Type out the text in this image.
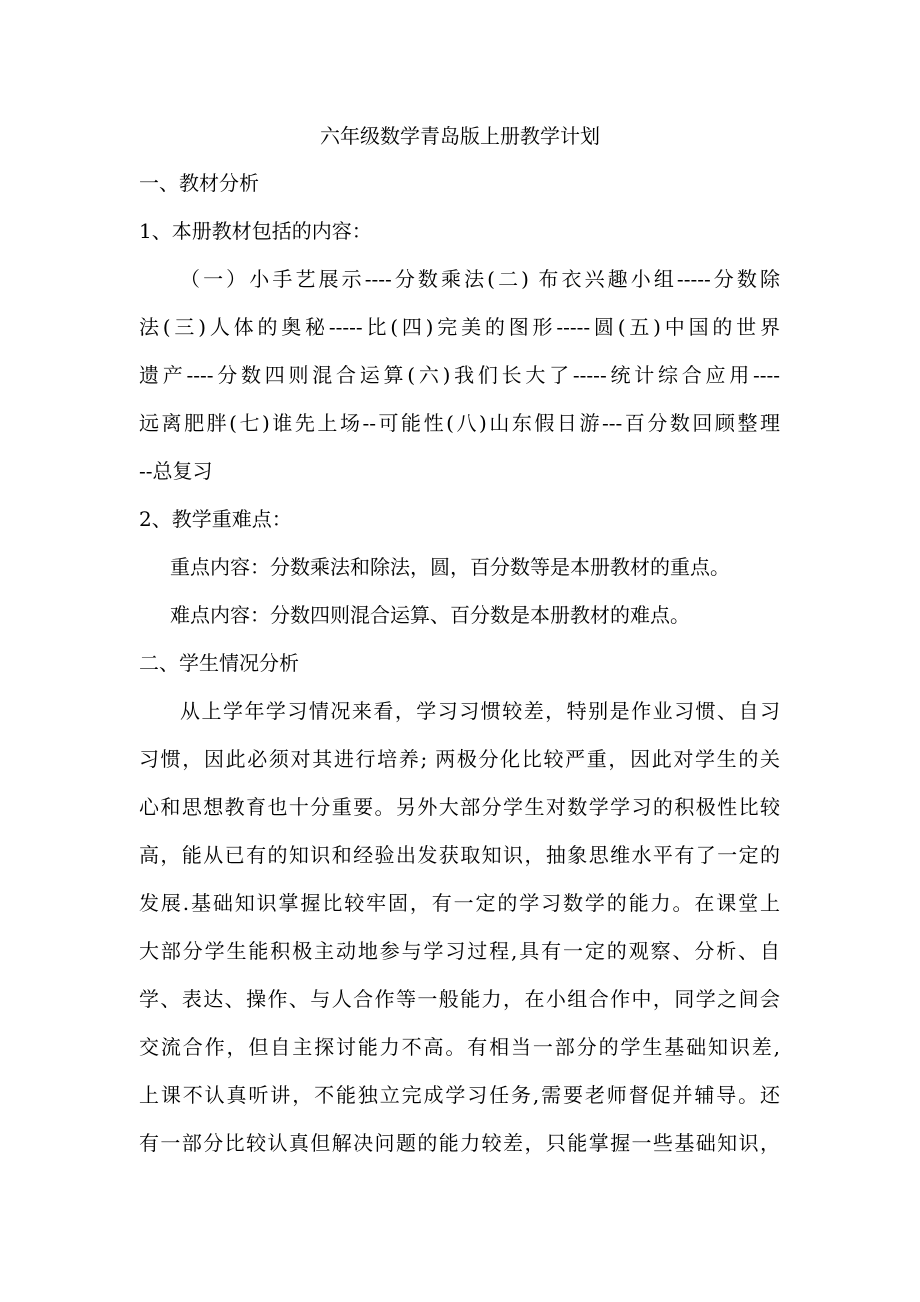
六年级数学青岛版上册教学计划
一、教材分析
1、本册教材包括的内容：
（一）小手艺展示----分数乘法(二) 布衣兴趣小组-----分数除
法(三)人体的奥秘-----比(四)完美的图形-----圆(五)中国的世界
遗产----分数四则混合运算(六)我们长大了-----统计综合应用----
远离肥胖(七)谁先上场--可能性(八)山东假日游---百分数回顾整理
--总复习
2、教学重难点：
重点内容：分数乘法和除法，圆，百分数等是本册教材的重点。
难点内容：分数四则混合运算、百分数是本册教材的难点。
二、学生情况分析
从上学年学习情况来看，学习习惯较差，特别是作业习惯、自习
习惯，因此必须对其进行培养; 两极分化比较严重，因此对学生的关
心和思想教育也十分重要。另外大部分学生对数学学习的积极性比较
高，能从已有的知识和经验出发获取知识，抽象思维水平有了一定的
发展.基础知识掌握比较牢固，有一定的学习数学的能力。在课堂上
大部分学生能积极主动地参与学习过程,具有一定的观察、分析、自
学、表达、操作、与人合作等一般能力，在小组合作中，同学之间会
交流合作，但自主探讨能力不高。有相当一部分的学生基础知识差,
上课不认真听讲，不能独立完成学习任务,需要老师督促并辅导。还
有一部分比较认真但解决问题的能力较差，只能掌握一些基础知识，
